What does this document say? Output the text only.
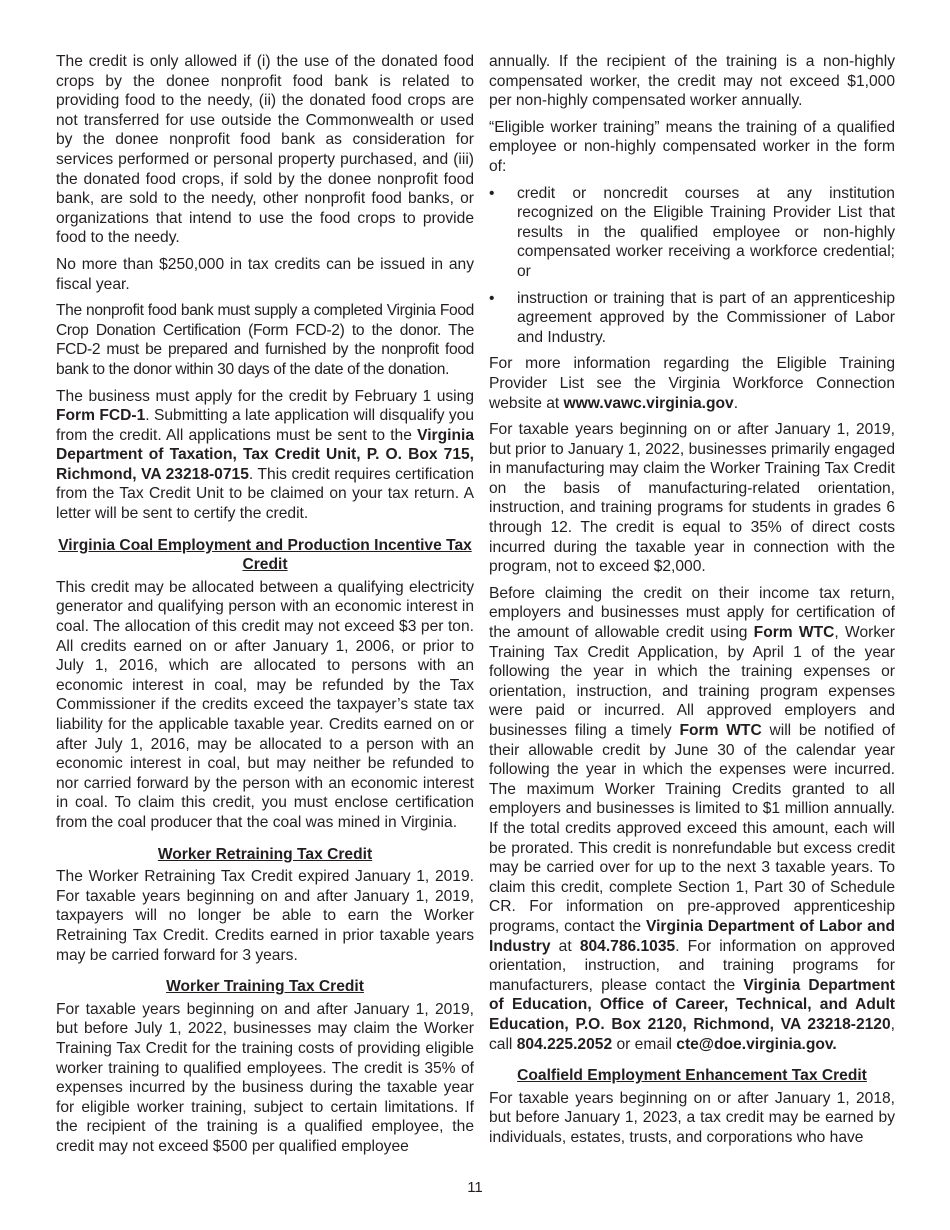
The credit is only allowed if (i) the use of the donated food crops by the donee nonprofit food bank is related to providing food to the needy, (ii) the donated food crops are not transferred for use outside the Commonwealth or used by the donee nonprofit food bank as consideration for services performed or personal property purchased, and (iii) the donated food crops, if sold by the donee nonprofit food bank, are sold to the needy, other nonprofit food banks, or organizations that intend to use the food crops to provide food to the needy.

No more than $250,000 in tax credits can be issued in any fiscal year.

The nonprofit food bank must supply a completed Virginia Food Crop Donation Certification (Form FCD-2) to the donor. The FCD-2 must be prepared and furnished by the nonprofit food bank to the donor within 30 days of the date of the donation.

The business must apply for the credit by February 1 using Form FCD-1. Submitting a late application will disqualify you from the credit. All applications must be sent to the Virginia Department of Taxation, Tax Credit Unit, P. O. Box 715, Richmond, VA 23218-0715. This credit requires certification from the Tax Credit Unit to be claimed on your tax return. A letter will be sent to certify the credit.

Virginia Coal Employment and Production Incentive Tax Credit

This credit may be allocated between a qualifying electricity generator and qualifying person with an economic interest in coal. The allocation of this credit may not exceed $3 per ton. All credits earned on or after January 1, 2006, or prior to July 1, 2016, which are allocated to persons with an economic interest in coal, may be refunded by the Tax Commissioner if the credits exceed the taxpayer’s state tax liability for the applicable taxable year. Credits earned on or after July 1, 2016, may be allocated to a person with an economic interest in coal, but may neither be refunded to nor carried forward by the person with an economic interest in coal. To claim this credit, you must enclose certification from the coal producer that the coal was mined in Virginia.

Worker Retraining Tax Credit

The Worker Retraining Tax Credit expired January 1, 2019. For taxable years beginning on and after January 1, 2019, taxpayers will no longer be able to earn the Worker Retraining Tax Credit. Credits earned in prior taxable years may be carried forward for 3 years.

Worker Training Tax Credit

For taxable years beginning on and after January 1, 2019, but before July 1, 2022, businesses may claim the Worker Training Tax Credit for the training costs of providing eligible worker training to qualified employees. The credit is 35% of expenses incurred by the business during the taxable year for eligible worker training, subject to certain limitations. If the recipient of the training is a qualified employee, the credit may not exceed $500 per qualified employee

annually. If the recipient of the training is a non-highly compensated worker, the credit may not exceed $1,000 per non-highly compensated worker annually.

“Eligible worker training” means the training of a qualified employee or non-highly compensated worker in the form of:

• credit or noncredit courses at any institution recognized on the Eligible Training Provider List that results in the qualified employee or non-highly compensated worker receiving a workforce credential; or
• instruction or training that is part of an apprenticeship agreement approved by the Commissioner of Labor and Industry.

For more information regarding the Eligible Training Provider List see the Virginia Workforce Connection website at www.vawc.virginia.gov.

For taxable years beginning on or after January 1, 2019, but prior to January 1, 2022, businesses primarily engaged in manufacturing may claim the Worker Training Tax Credit on the basis of manufacturing-related orientation, instruction, and training programs for students in grades 6 through 12. The credit is equal to 35% of direct costs incurred during the taxable year in connection with the program, not to exceed $2,000.

Before claiming the credit on their income tax return, employers and businesses must apply for certification of the amount of allowable credit using Form WTC, Worker Training Tax Credit Application, by April 1 of the year following the year in which the training expenses or orientation, instruction, and training program expenses were paid or incurred. All approved employers and businesses filing a timely Form WTC will be notified of their allowable credit by June 30 of the calendar year following the year in which the expenses were incurred. The maximum Worker Training Credits granted to all employers and businesses is limited to $1 million annually. If the total credits approved exceed this amount, each will be prorated. This credit is nonrefundable but excess credit may be carried over for up to the next 3 taxable years. To claim this credit, complete Section 1, Part 30 of Schedule CR. For information on pre-approved apprenticeship programs, contact the Virginia Department of Labor and Industry at 804.786.1035. For information on approved orientation, instruction, and training programs for manufacturers, please contact the Virginia Department of Education, Office of Career, Technical, and Adult Education, P.O. Box 2120, Richmond, VA 23218-2120, call 804.225.2052 or email cte@doe.virginia.gov.

Coalfield Employment Enhancement Tax Credit

For taxable years beginning on or after January 1, 2018, but before January 1, 2023, a tax credit may be earned by individuals, estates, trusts, and corporations who have

11
